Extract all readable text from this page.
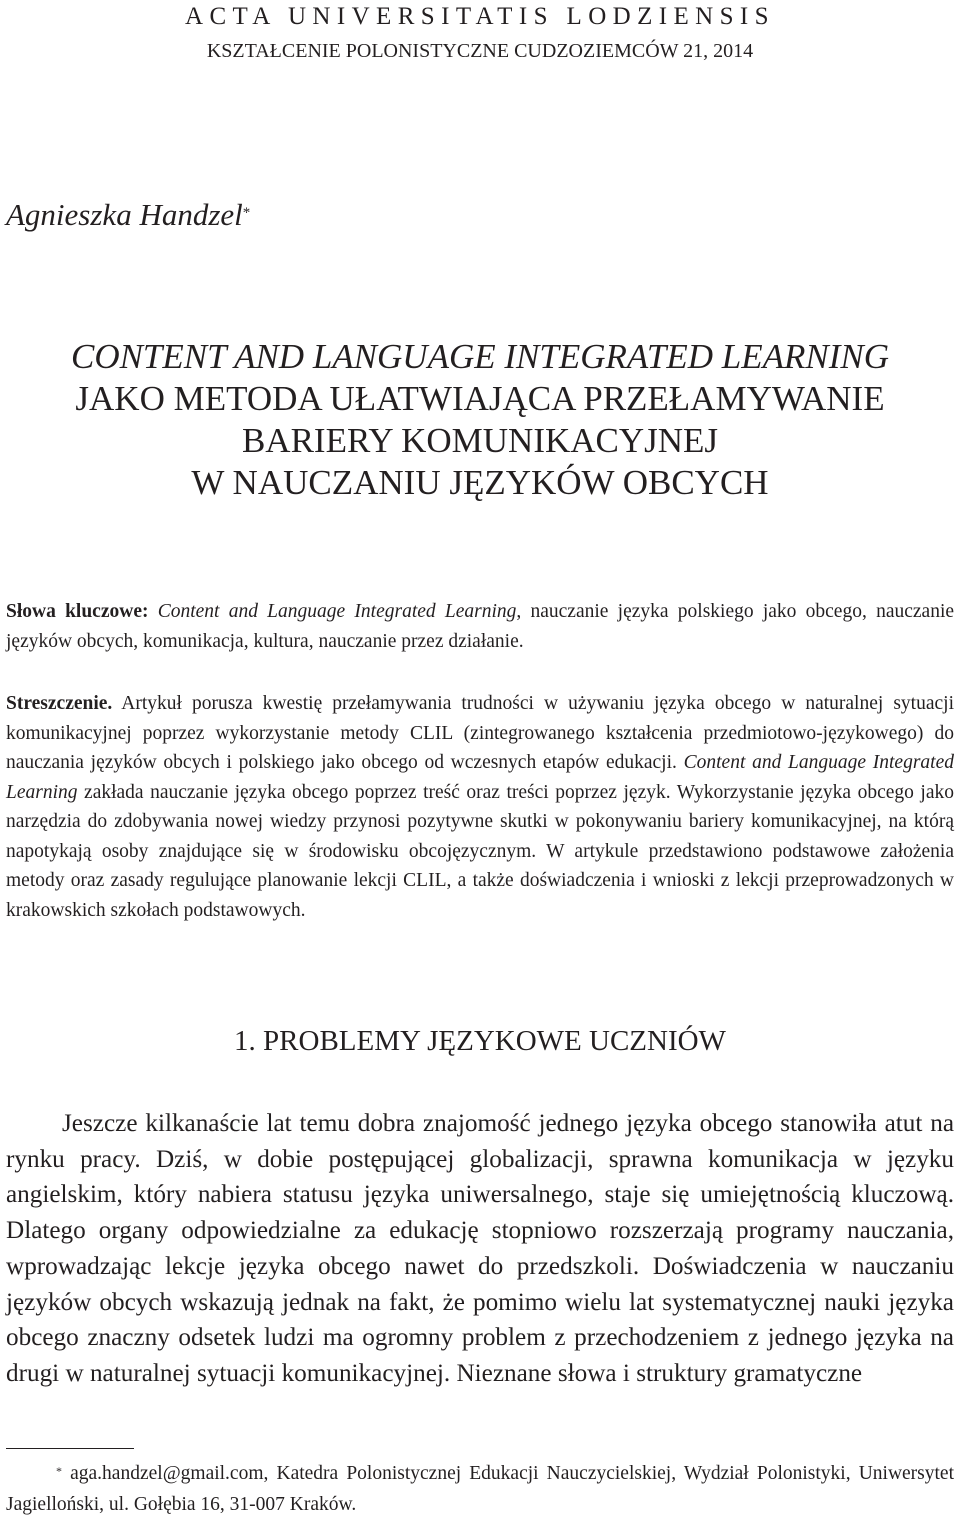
ACTA UNIVERSITATIS LODZIENSIS
KSZTAŁCENIE POLONISTYCZNE CUDZOZIEMCÓW 21, 2014
Agnieszka Handzel*
CONTENT AND LANGUAGE INTEGRATED LEARNING
JAKO METODA UŁATWIAJĄCA PRZEŁAMYWANIE
BARIERY KOMUNIKACYJNEJ
W NAUCZANIU JĘZYKÓW OBCYCH
Słowa kluczowe: Content and Language Integrated Learning, nauczanie języka polskiego jako obcego, nauczanie języków obcych, komunikacja, kultura, nauczanie przez działanie.
Streszczenie. Artykuł porusza kwestię przełamywania trudności w używaniu języka obcego w naturalnej sytuacji komunikacyjnej poprzez wykorzystanie metody CLIL (zintegrowanego kształcenia przedmiotowo-językowego) do nauczania języków obcych i polskiego jako obcego od wczesnych etapów edukacji. Content and Language Integrated Learning zakłada nauczanie języka obcego poprzez treść oraz treści poprzez język. Wykorzystanie języka obcego jako narzędzia do zdobywania nowej wiedzy przynosi pozytywne skutki w pokonywaniu bariery komunikacyjnej, na którą napotykają osoby znajdujące się w środowisku obcojęzycznym. W artykule przedstawiono podstawowe założenia metody oraz zasady regulujące planowanie lekcji CLIL, a także doświadczenia i wnioski z lekcji przeprowadzonych w krakowskich szkołach podstawowych.
1. PROBLEMY JĘZYKOWE UCZNIÓW
Jeszcze kilkanaście lat temu dobra znajomość jednego języka obcego stanowiła atut na rynku pracy. Dziś, w dobie postępującej globalizacji, sprawna komunikacja w języku angielskim, który nabiera statusu języka uniwersalnego, staje się umiejętnością kluczową. Dlatego organy odpowiedzialne za edukację stopniowo rozszerzają programy nauczania, wprowadzając lekcje języka obcego nawet do przedszkoli. Doświadczenia w nauczaniu języków obcych wskazują jednak na fakt, że pomimo wielu lat systematycznej nauki języka obcego znaczny odsetek ludzi ma ogromny problem z przechodzeniem z jednego języka na drugi w naturalnej sytuacji komunikacyjnej. Nieznane słowa i struktury gramatyczne
* aga.handzel@gmail.com, Katedra Polonistycznej Edukacji Nauczycielskiej, Wydział Polonistyki, Uniwersytet Jagielloński, ul. Gołębia 16, 31-007 Kraków.
